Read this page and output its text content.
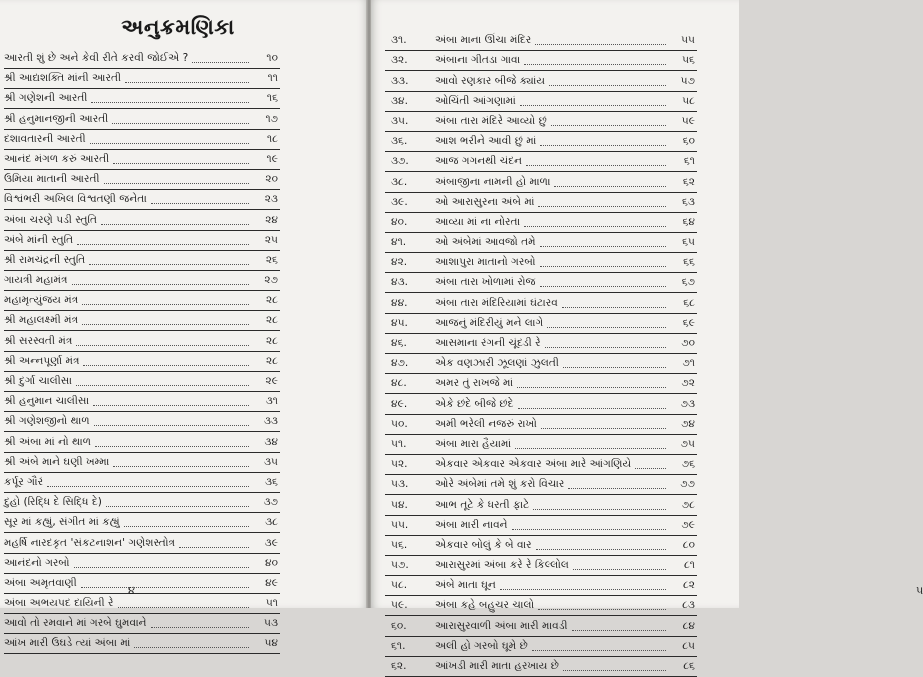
અનુક્રમણિકા
આરતી શું છે અને કેવી રીતે કરવી જોઈએ ?	૧૦
શ્રી આદ્યશક્તિ માંની આરતી	૧૧
શ્રી ગણેશની આરતી	૧૬
શ્રી હનુમાનજીની આરતી	૧૭
દશાવતારની આરતી	૧૮
આનંદ મંગળ કરું આરતી	૧૯
ઉમિયા માતાની આરતી	૨૦
વિશ્વંભરી અખિલ વિશ્વતણી જનેતા	૨૩
અંબા ચરણે પડી સ્તુતિ	૨૪
અંબે માંની સ્તુતિ	૨૫
શ્રી રામચંદ્રની સ્તુતિ	૨૬
ગાયત્રી મહામંત્ર	૨૭
મહામૃત્યુંજય મંત્ર	૨૮
શ્રી મહાલક્ષ્મી મંત્ર	૨૮
શ્રી સરસ્વતી મંત્ર	૨૮
શ્રી અન્નપૂર્ણા મંત્ર	૨૮
શ્રી દુર્ગા ચાલીસા	૨૯
શ્રી હનુમાન ચાલીસા	૩૧
શ્રી ગણેશજીનો થાળ	૩૩
શ્રી અંબા માં નો થાળ	૩૪
શ્રી અંબે માને ઘણી ખમ્મા	૩૫
કર્પૂર ગૌરં	૩૬
દુહો (રિદ્ધિ દે સિદ્ધિ દે)	૩૭
સૂર માં કહ્યું, સંગીત માં કહ્યું	૩૮
મહર્ષિ નારદકૃત 'સંકટનાશન' ગણેશસ્તોત્ર	૩૯
આનંદનો ગરબો	૪૦
અંબા અમૃતવાણી	૪૯
અંબા અભયપદ દાયિની રે	૫૧
આવો તો રમવાને માં ગરબે ઘુમવાને	૫૩
આંખ મારી ઉઘડે ત્યાં અંબા માં	૫૪
૪
૩૧.	અંબા માના ઊંચા મંદિર	૫૫
૩૨.	અંબાના ગીતડા ગાવા	૫૬
૩૩.	આવો રણકાર બીજે ક્યાંય	૫૭
૩૪.	ઓચિંતી આંગણામાં	૫૮
૩૫.	અંબા તારા મંદિરે આવ્યો છું	૫૯
૩૬.	આશ ભરીને આવી છું માં	૬૦
૩૭.	આજ ગગનથી ચંદન	૬૧
૩૮.	અંબાજીના નામની હો માળા	૬૨
૩૯.	ઓ આરાસુરના અંબે માં	૬૩
૪૦.	આવ્યા માં ના નોરતા	૬૪
૪૧.	ઓ અંબેમાં આવજો તમે	૬૫
૪૨.	આશાપુરા માતાનો ગરબો	૬૬
૪૩.	અંબા તારા ખોળામાં રોજ	૬૭
૪૪.	અંબા તારા મંદિરિયામાં ઘંટારવ	૬૮
૪૫.	આજનું મંદિરીયું મને લાગે	૬૯
૪૬.	આસમાના રંગની ચૂંદડી રે	૭૦
૪૭.	એક વણઝારી ઝૂલણાં ઝુલતી	૭૧
૪૮.	અમર તું રાખજે માં	૭૨
૪૯.	એકે છંદે બીજે છંદે	૭૩
૫૦.	અમી ભરેલી નજરું રાખો	૭૪
૫૧.	અંબા મારા હૈયામાં	૭૫
૫૨.	એકવાર એકવાર એકવાર અંબા મારે આંગણિયે	૭૬
૫૩.	ઓરે અંબેમાં તમે શું કરો વિચાર	૭૭
૫૪.	આભ તૂટે કે ધરતી ફાટે	૭૮
૫૫.	અંબા મારી નાવને	૭૯
૫૬.	એકવાર બોલું કે બે વાર	૮૦
૫૭.	આરાસુરમાં અંબા કરે રે કિલ્લોલ	૮૧
૫૮.	અંબે માતા ઘૂન	૮૨
૫૯.	અંબા કહે બહુચર ચાલો	૮૩
૬૦.	આરાસુરવાળી અંબા મારી માવડી	૮૪
૬૧.	અલી હો ગરબો ઘૂમે છે	૮૫
૬૨.	આંખડી મારી માતા હરખાય છે	૮૬
૫
